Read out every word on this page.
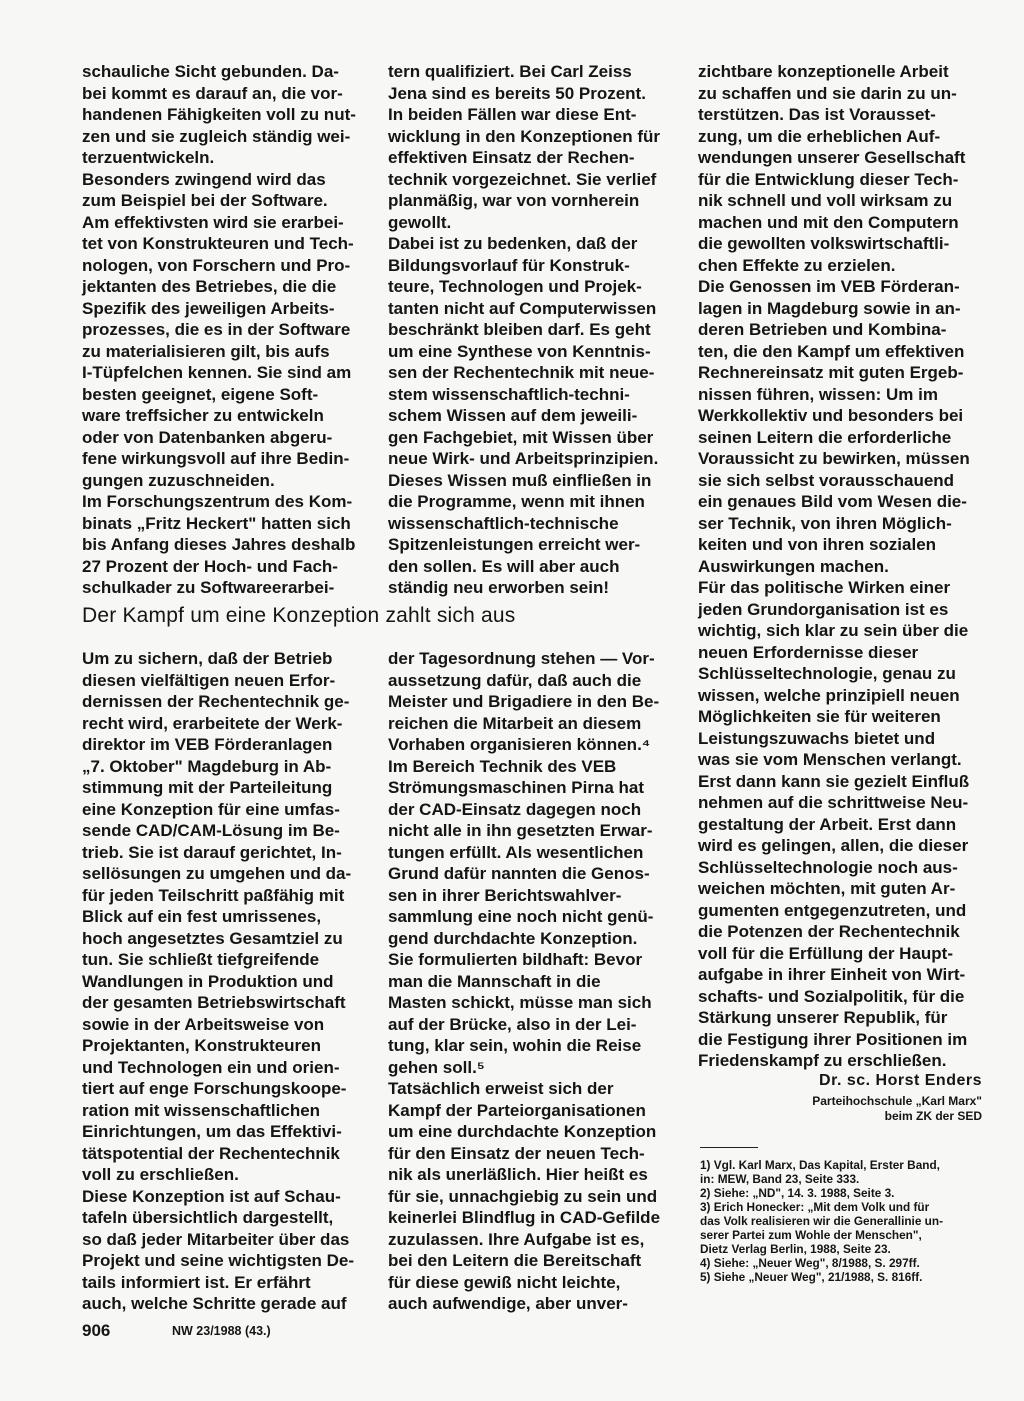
schauliche Sicht gebunden. Da-
bei kommt es darauf an, die vor-
handenen Fähigkeiten voll zu nut-
zen und sie zugleich ständig wei-
terzuentwickeln.
Besonders zwingend wird das
zum Beispiel bei der Software.
Am effektivsten wird sie erarbei-
tet von Konstrukteuren und Tech-
nologen, von Forschern und Pro-
jektanten des Betriebes, die die
Spezifik des jeweiligen Arbeits-
prozesses, die es in der Software
zu materialisieren gilt, bis aufs
I-Tüpfelchen kennen. Sie sind am
besten geeignet, eigene Soft-
ware treffsicher zu entwickeln
oder von Datenbanken abgeru-
fene wirkungsvoll auf ihre Bedin-
gungen zuzuschneiden.
Im Forschungszentrum des Kom-
binats „Fritz Heckert" hatten sich
bis Anfang dieses Jahres deshalb
27 Prozent der Hoch- und Fach-
schulkader zu Softwareerarbei-

tern qualifiziert. Bei Carl Zeiss
Jena sind es bereits 50 Prozent.
In beiden Fällen war diese Ent-
wicklung in den Konzeptionen für
effektiven Einsatz der Rechen-
technik vorgezeichnet. Sie verlief
planmäßig, war von vornherein
gewollt.
Dabei ist zu bedenken, daß der
Bildungsvorlauf für Konstruk-
teure, Technologen und Projek-
tanten nicht auf Computerwissen
beschränkt bleiben darf. Es geht
um eine Synthese von Kenntnis-
sen der Rechentechnik mit neue-
stem wissenschaftlich-techni-
schem Wissen auf dem jeweili-
gen Fachgebiet, mit Wissen über
neue Wirk- und Arbeitsprinzipien.
Dieses Wissen muß einfließen in
die Programme, wenn mit ihnen
wissenschaftlich-technische
Spitzenleistungen erreicht wer-
den sollen. Es will aber auch
ständig neu erworben sein!

zichtbare konzeptionelle Arbeit
zu schaffen und sie darin zu un-
terstützen. Das ist Vorausset-
zung, um die erheblichen Auf-
wendungen unserer Gesellschaft
für die Entwicklung dieser Tech-
nik schnell und voll wirksam zu
machen und mit den Computern
die gewollten volkswirtschaftli-
chen Effekte zu erzielen.
Die Genossen im VEB Förderan-
lagen in Magdeburg sowie in an-
deren Betrieben und Kombina-
ten, die den Kampf um effektiven
Rechnereinsatz mit guten Ergeb-
nissen führen, wissen: Um im
Werkkollektiv und besonders bei
seinen Leitern die erforderliche
Voraussicht zu bewirken, müssen
sie sich selbst vorausschauend
ein genaues Bild vom Wesen die-
ser Technik, von ihren Möglich-
keiten und von ihren sozialen
Auswirkungen machen.
Für das politische Wirken einer
jeden Grundorganisation ist es
wichtig, sich klar zu sein über die
neuen Erfordernisse dieser
Schlüsseltechnologie, genau zu
wissen, welche prinzipiell neuen
Möglichkeiten sie für weiteren
Leistungszuwachs bietet und
was sie vom Menschen verlangt.
Erst dann kann sie gezielt Einfluß
nehmen auf die schrittweise Neu-
gestaltung der Arbeit. Erst dann
wird es gelingen, allen, die dieser
Schlüsseltechnologie noch aus-
weichen möchten, mit guten Ar-
gumenten entgegenzutreten, und
die Potenzen der Rechentechnik
voll für die Erfüllung der Haupt-
aufgabe in ihrer Einheit von Wirt-
schafts- und Sozialpolitik, für die
Stärkung unserer Republik, für
die Festigung ihrer Positionen im
Friedenskampf zu erschließen.

Der Kampf um eine Konzeption zahlt sich aus

Um zu sichern, daß der Betrieb
diesen vielfältigen neuen Erfor-
dernissen der Rechentechnik ge-
recht wird, erarbeitete der Werk-
direktor im VEB Förderanlagen
„7. Oktober" Magdeburg in Ab-
stimmung mit der Parteileitung
eine Konzeption für eine umfas-
sende CAD/CAM-Lösung im Be-
trieb. Sie ist darauf gerichtet, In-
sellösungen zu umgehen und da-
für jeden Teilschritt paßfähig mit
Blick auf ein fest umrissenes,
hoch angesetztes Gesamtziel zu
tun. Sie schließt tiefgreifende
Wandlungen in Produktion und
der gesamten Betriebswirtschaft
sowie in der Arbeitsweise von
Projektanten, Konstrukteuren
und Technologen ein und orien-
tiert auf enge Forschungskoope-
ration mit wissenschaftlichen
Einrichtungen, um das Effektivi-
tätspotential der Rechentechnik
voll zu erschließen.
Diese Konzeption ist auf Schau-
tafeln übersichtlich dargestellt,
so daß jeder Mitarbeiter über das
Projekt und seine wichtigsten De-
tails informiert ist. Er erfährt
auch, welche Schritte gerade auf

der Tagesordnung stehen — Vor-
aussetzung dafür, daß auch die
Meister und Brigadiere in den Be-
reichen die Mitarbeit an diesem
Vorhaben organisieren können.⁴
Im Bereich Technik des VEB
Strömungsmaschinen Pirna hat
der CAD-Einsatz dagegen noch
nicht alle in ihn gesetzten Erwar-
tungen erfüllt. Als wesentlichen
Grund dafür nannten die Genos-
sen in ihrer Berichtswahlver-
sammlung eine noch nicht genü-
gend durchdachte Konzeption.
Sie formulierten bildhaft: Bevor
man die Mannschaft in die
Masten schickt, müsse man sich
auf der Brücke, also in der Lei-
tung, klar sein, wohin die Reise
gehen soll.⁵
Tatsächlich erweist sich der
Kampf der Parteiorganisationen
um eine durchdachte Konzeption
für den Einsatz der neuen Tech-
nik als unerläßlich. Hier heißt es
für sie, unnachgiebig zu sein und
keinerlei Blindflug in CAD-Gefilde
zuzulassen. Ihre Aufgabe ist es,
bei den Leitern die Bereitschaft
für diese gewiß nicht leichte,
auch aufwendige, aber unver-

Dr. sc. Horst Enders

Parteihochschule „Karl Marx"
beim ZK der SED

1) Vgl. Karl Marx, Das Kapital, Erster Band,
in: MEW, Band 23, Seite 333.
2) Siehe: „ND", 14. 3. 1988, Seite 3.
3) Erich Honecker: „Mit dem Volk und für
das Volk realisieren wir die Generallinie un-
serer Partei zum Wohle der Menschen",
Dietz Verlag Berlin, 1988, Seite 23.
4) Siehe: „Neuer Weg", 8/1988, S. 297ff.
5) Siehe „Neuer Weg", 21/1988, S. 816ff.

906	NW 23/1988 (43.)
